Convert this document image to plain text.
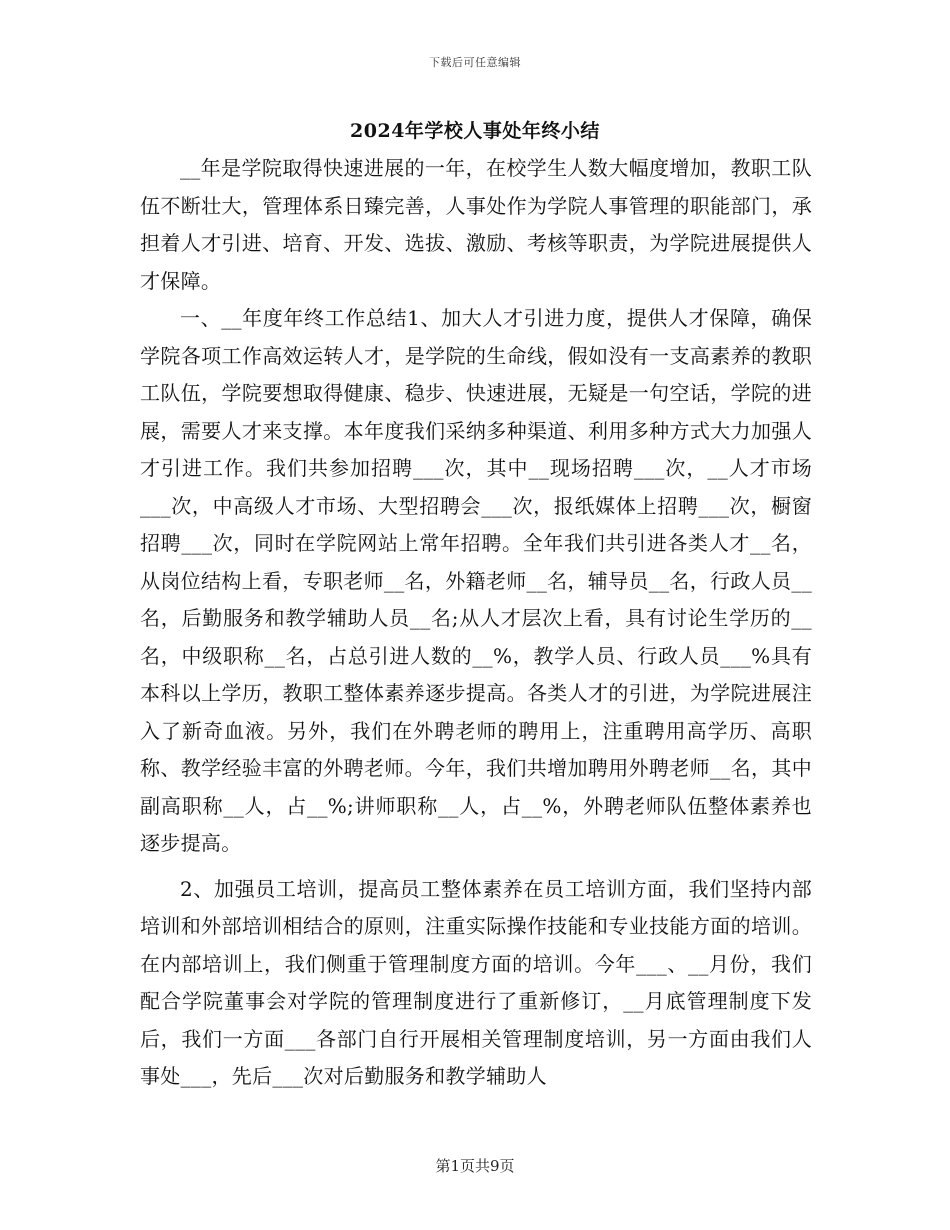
下载后可任意编辑
2024年学校人事处年终小结

__年是学院取得快速进展的一年，在校学生人数大幅度增加，教职工队伍不断壮大，管理体系日臻完善，人事处作为学院人事管理的职能部门，承担着人才引进、培育、开发、选拔、激励、考核等职责，为学院进展提供人才保障。

一、__年度年终工作总结1、加大人才引进力度，提供人才保障，确保学院各项工作高效运转人才，是学院的生命线，假如没有一支高素养的教职工队伍，学院要想取得健康、稳步、快速进展，无疑是一句空话，学院的进展，需要人才来支撑。本年度我们采纳多种渠道、利用多种方式大力加强人才引进工作。我们共参加招聘___次，其中__现场招聘___次，__人才市场___次，中高级人才市场、大型招聘会___次，报纸媒体上招聘___次，橱窗招聘___次，同时在学院网站上常年招聘。全年我们共引进各类人才__名，从岗位结构上看，专职老师__名，外籍老师__名，辅导员__名，行政人员__名，后勤服务和教学辅助人员__名;从人才层次上看，具有讨论生学历的__名，中级职称__名，占总引进人数的__%，教学人员、行政人员___%具有本科以上学历，教职工整体素养逐步提高。各类人才的引进，为学院进展注入了新奇血液。另外，我们在外聘老师的聘用上，注重聘用高学历、高职称、教学经验丰富的外聘老师。今年，我们共增加聘用外聘老师__名，其中副高职称__人，占__%;讲师职称__人，占__%，外聘老师队伍整体素养也逐步提高。

2、加强员工培训，提高员工整体素养在员工培训方面，我们坚持内部培训和外部培训相结合的原则，注重实际操作技能和专业技能方面的培训。在内部培训上，我们侧重于管理制度方面的培训。今年___、__月份，我们配合学院董事会对学院的管理制度进行了重新修订，__月底管理制度下发后，我们一方面___各部门自行开展相关管理制度培训，另一方面由我们人事处___，先后___次对后勤服务和教学辅助人

第1页共9页
